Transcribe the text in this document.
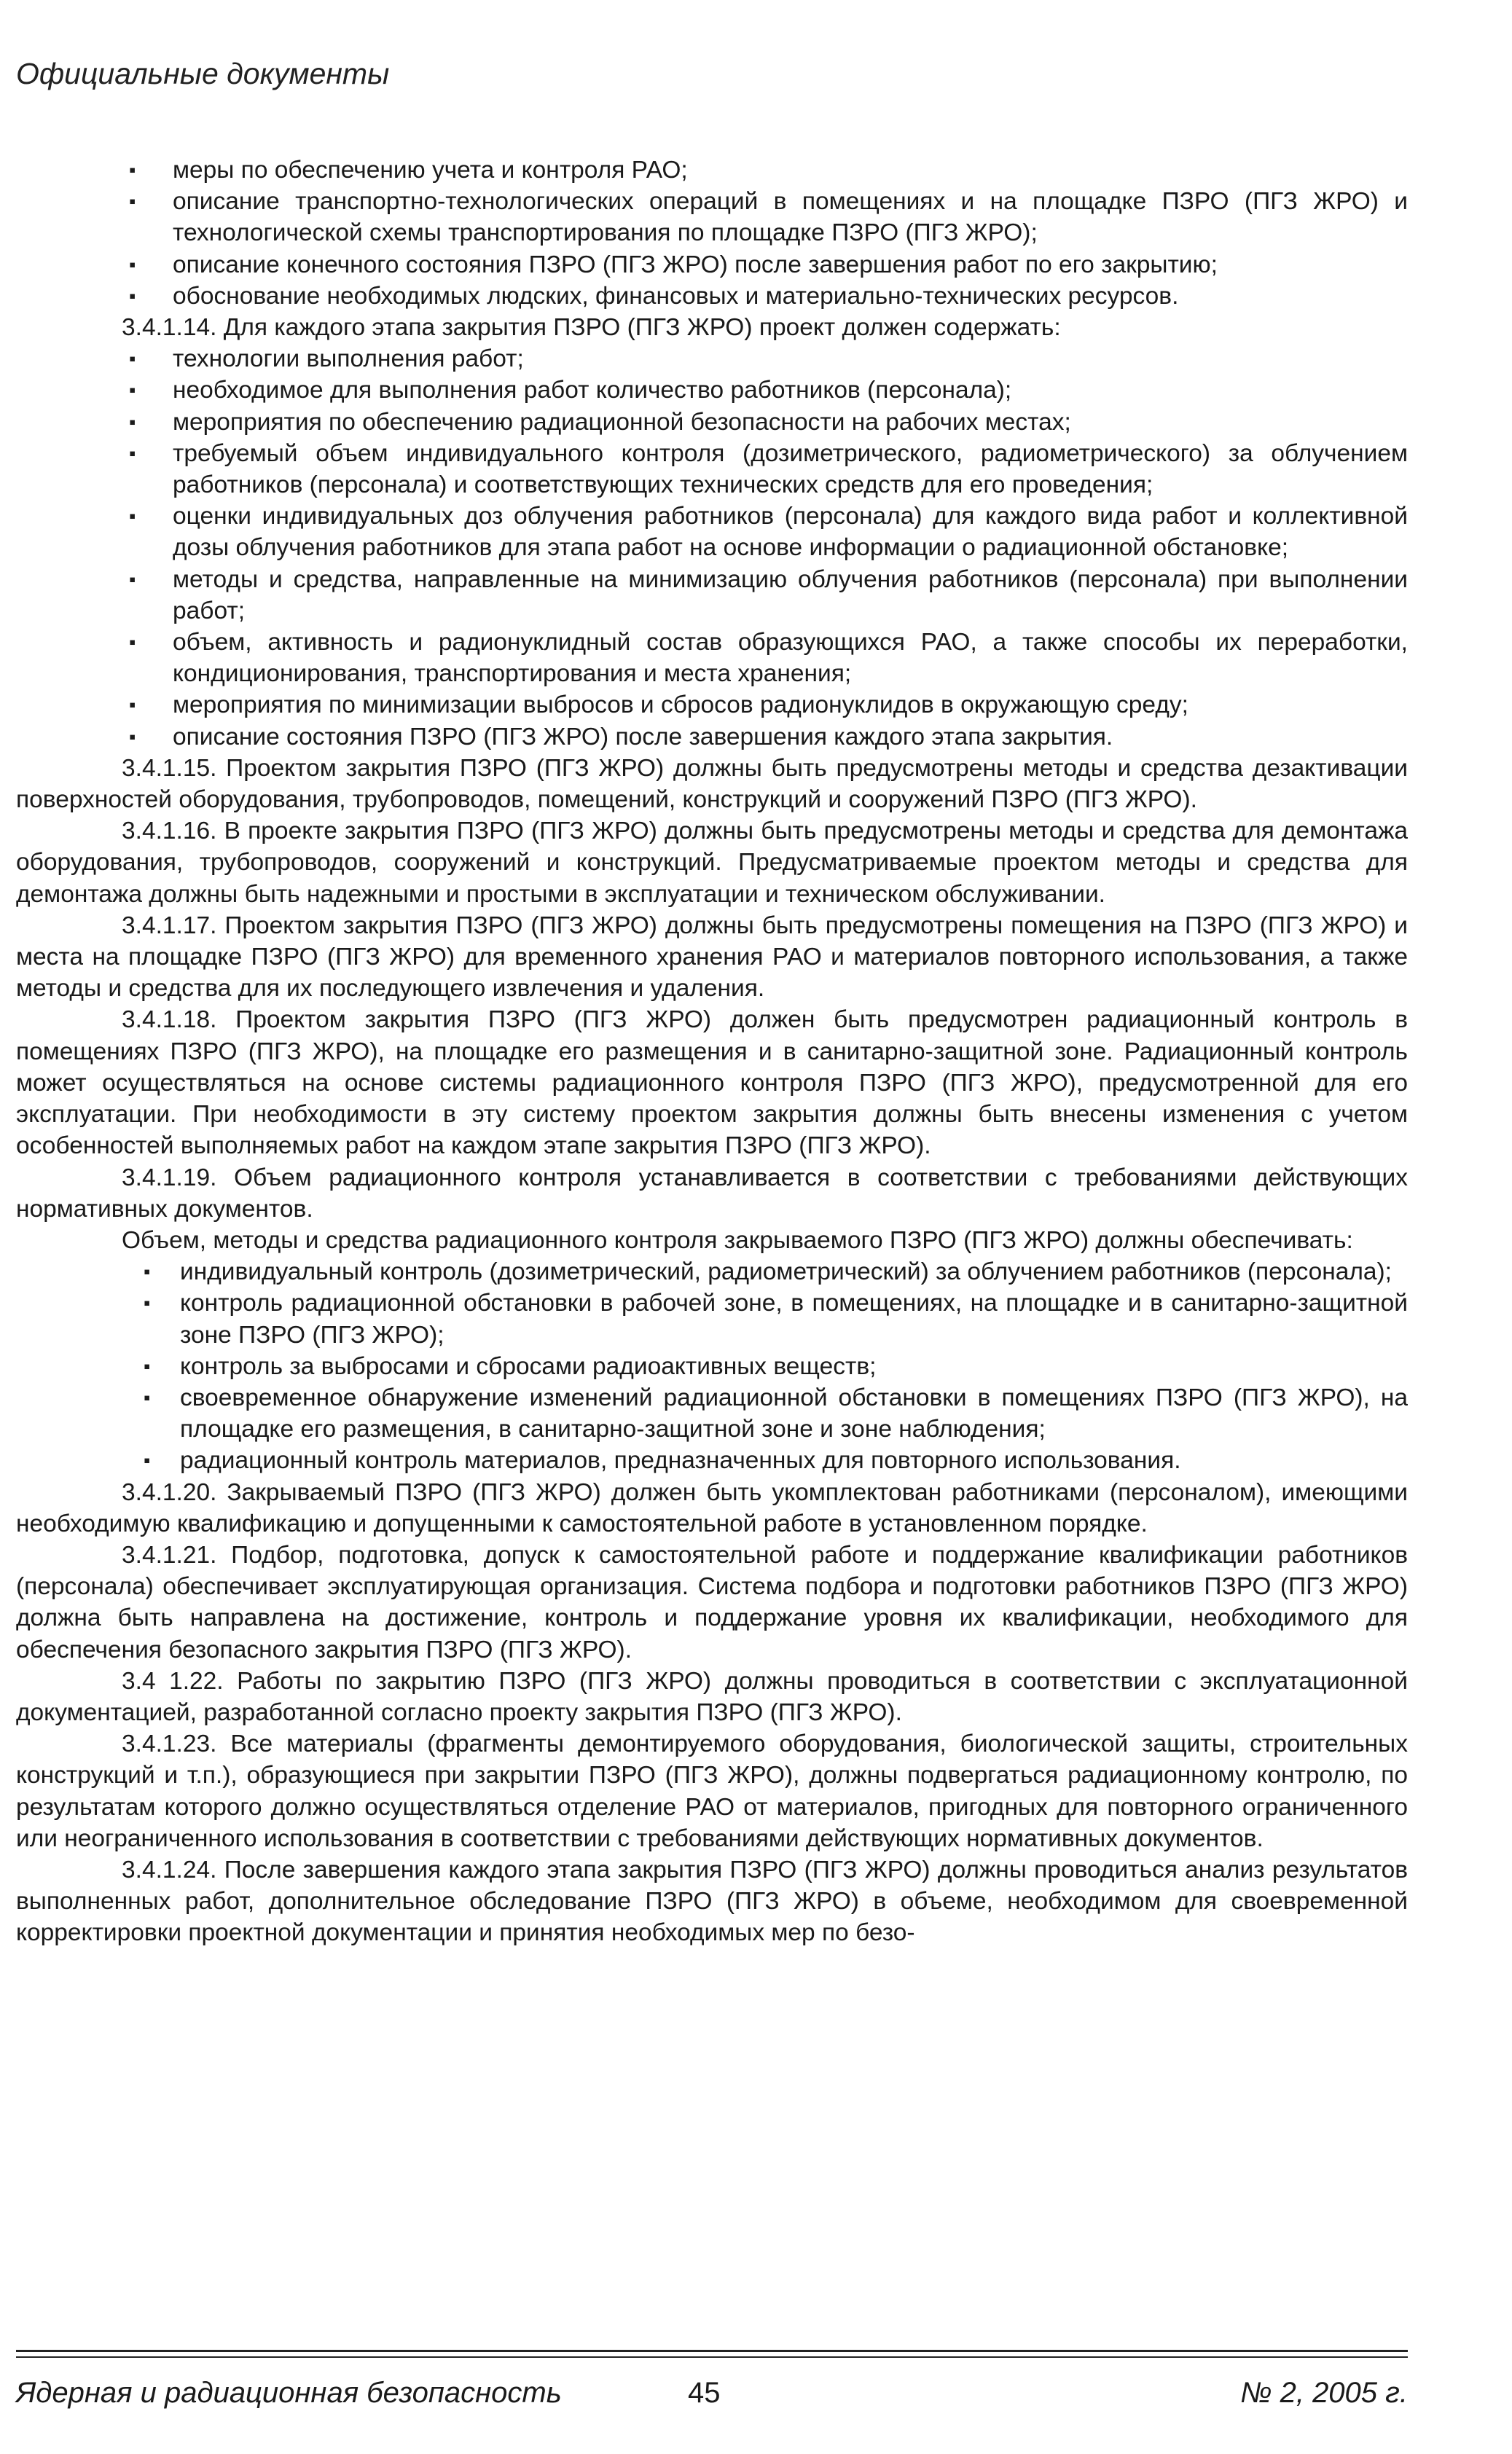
Официальные документы
▪ меры по обеспечению учета и контроля РАО;
▪ описание транспортно-технологических операций в помещениях и на площадке ПЗРО (ПГЗ ЖРО) и технологической схемы транспортирования по площадке ПЗРО (ПГЗ ЖРО);
▪ описание конечного состояния ПЗРО (ПГЗ ЖРО) после завершения работ по его закрытию;
▪ обоснование необходимых людских, финансовых и материально-технических ресурсов.
3.4.1.14. Для каждого этапа закрытия ПЗРО (ПГЗ ЖРО) проект должен содержать:
▪ технологии выполнения работ;
▪ необходимое для выполнения работ количество работников (персонала);
▪ мероприятия по обеспечению радиационной безопасности на рабочих местах;
▪ требуемый объем индивидуального контроля (дозиметрического, радиометрического) за облучением работников (персонала) и соответствующих технических средств для его проведения;
▪ оценки индивидуальных доз облучения работников (персонала) для каждого вида работ и коллективной дозы облучения работников для этапа работ на основе информации о радиационной обстановке;
▪ методы и средства, направленные на минимизацию облучения работников (персонала) при выполнении работ;
▪ объем, активность и радионуклидный состав образующихся РАО, а также способы их переработки, кондиционирования, транспортирования и места хранения;
▪ мероприятия по минимизации выбросов и сбросов радионуклидов в окружающую среду;
▪ описание состояния ПЗРО (ПГЗ ЖРО) после завершения каждого этапа закрытия.
3.4.1.15. Проектом закрытия ПЗРО (ПГЗ ЖРО) должны быть предусмотрены методы и средства дезактивации поверхностей оборудования, трубопроводов, помещений, конструкций и сооружений ПЗРО (ПГЗ ЖРО).
3.4.1.16. В проекте закрытия ПЗРО (ПГЗ ЖРО) должны быть предусмотрены методы и средства для демонтажа оборудования, трубопроводов, сооружений и конструкций. Предусматриваемые проектом методы и средства для демонтажа должны быть надежными и простыми в эксплуатации и техническом обслуживании.
3.4.1.17. Проектом закрытия ПЗРО (ПГЗ ЖРО) должны быть предусмотрены помещения на ПЗРО (ПГЗ ЖРО) и места на площадке ПЗРО (ПГЗ ЖРО) для временного хранения РАО и материалов повторного использования, а также методы и средства для их последующего извлечения и удаления.
3.4.1.18. Проектом закрытия ПЗРО (ПГЗ ЖРО) должен быть предусмотрен радиационный контроль в помещениях ПЗРО (ПГЗ ЖРО), на площадке его размещения и в санитарно-защитной зоне. Радиационный контроль может осуществляться на основе системы радиационного контроля ПЗРО (ПГЗ ЖРО), предусмотренной для его эксплуатации. При необходимости в эту систему проектом закрытия должны быть внесены изменения с учетом особенностей выполняемых работ на каждом этапе закрытия ПЗРО (ПГЗ ЖРО).
3.4.1.19. Объем радиационного контроля устанавливается в соответствии с требованиями действующих нормативных документов.
Объем, методы и средства радиационного контроля закрываемого ПЗРО (ПГЗ ЖРО) должны обеспечивать:
▪ индивидуальный контроль (дозиметрический, радиометрический) за облучением работников (персонала);
▪ контроль радиационной обстановки в рабочей зоне, в помещениях, на площадке и в санитарно-защитной зоне ПЗРО (ПГЗ ЖРО);
▪ контроль за выбросами и сбросами радиоактивных веществ;
▪ своевременное обнаружение изменений радиационной обстановки в помещениях ПЗРО (ПГЗ ЖРО), на площадке его размещения, в санитарно-защитной зоне и зоне наблюдения;
▪ радиационный контроль материалов, предназначенных для повторного использования.
3.4.1.20. Закрываемый ПЗРО (ПГЗ ЖРО) должен быть укомплектован работниками (персоналом), имеющими необходимую квалификацию и допущенными к самостоятельной работе в установленном порядке.
3.4.1.21. Подбор, подготовка, допуск к самостоятельной работе и поддержание квалификации работников (персонала) обеспечивает эксплуатирующая организация. Система подбора и подготовки работников ПЗРО (ПГЗ ЖРО) должна быть направлена на достижение, контроль и поддержание уровня их квалификации, необходимого для обеспечения безопасного закрытия ПЗРО (ПГЗ ЖРО).
3.4 1.22. Работы по закрытию ПЗРО (ПГЗ ЖРО) должны проводиться в соответствии с эксплуатационной документацией, разработанной согласно проекту закрытия ПЗРО (ПГЗ ЖРО).
3.4.1.23. Все материалы (фрагменты демонтируемого оборудования, биологической защиты, строительных конструкций и т.п.), образующиеся при закрытии ПЗРО (ПГЗ ЖРО), должны подвергаться радиационному контролю, по результатам которого должно осуществляться отделение РАО от материалов, пригодных для повторного ограниченного или неограниченного использования в соответствии с требованиями действующих нормативных документов.
3.4.1.24. После завершения каждого этапа закрытия ПЗРО (ПГЗ ЖРО) должны проводиться анализ результатов выполненных работ, дополнительное обследование ПЗРО (ПГЗ ЖРО) в объеме, необходимом для своевременной корректировки проектной документации и принятия необходимых мер по безо-
Ядерная и радиационная безопасность	45	№ 2, 2005 г.
